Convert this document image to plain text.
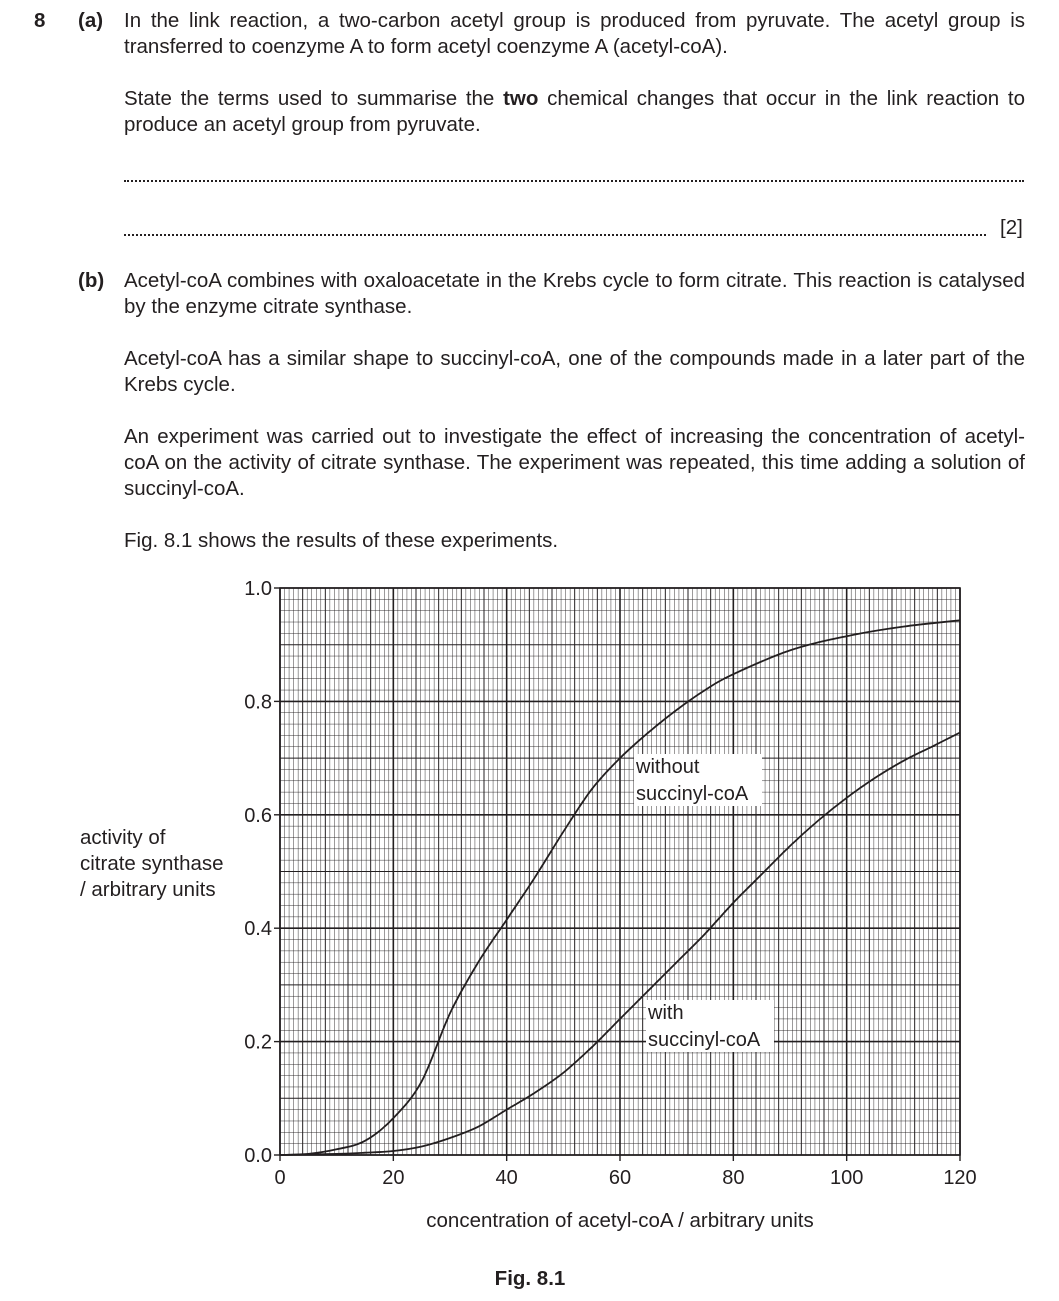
8 (a) In the link reaction, a two-carbon acetyl group is produced from pyruvate. The acetyl group is transferred to coenzyme A to form acetyl coenzyme A (acetyl-coA).
State the terms used to summarise the two chemical changes that occur in the link reaction to produce an acetyl group from pyruvate.
[2]
(b) Acetyl-coA combines with oxaloacetate in the Krebs cycle to form citrate. This reaction is catalysed by the enzyme citrate synthase.
Acetyl-coA has a similar shape to succinyl-coA, one of the compounds made in a later part of the Krebs cycle.
An experiment was carried out to investigate the effect of increasing the concentration of acetyl-coA on the activity of citrate synthase. The experiment was repeated, this time adding a solution of succinyl-coA.
Fig. 8.1 shows the results of these experiments.
activity of
citrate synthase
/ arbitrary units
0	20	40	60	80	100	120
0.0
0.2
0.4
0.6
0.8
1.0
without
succinyl-coA
with
succinyl-coA
concentration of acetyl-coA / arbitrary units
Fig. 8.1
